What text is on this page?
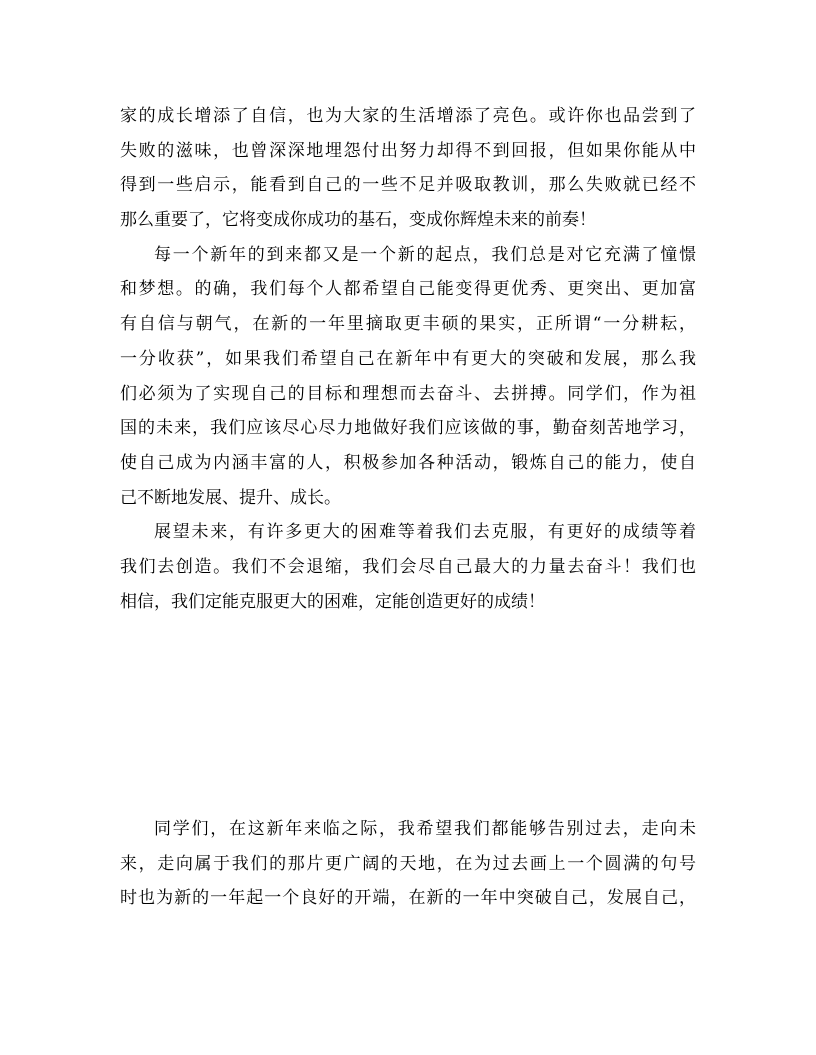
家的成长增添了自信，也为大家的生活增添了亮色。或许你也品尝到了
失败的滋味，也曾深深地埋怨付出努力却得不到回报，但如果你能从中
得到一些启示，能看到自己的一些不足并吸取教训，那么失败就已经不
那么重要了，它将变成你成功的基石，变成你辉煌未来的前奏！
每一个新年的到来都又是一个新的起点，我们总是对它充满了憧憬
和梦想。的确，我们每个人都希望自己能变得更优秀、更突出、更加富
有自信与朝气，在新的一年里摘取更丰硕的果实，正所谓“一分耕耘，
一分收获”，如果我们希望自己在新年中有更大的突破和发展，那么我
们必须为了实现自己的目标和理想而去奋斗、去拼搏。同学们，作为祖
国的未来，我们应该尽心尽力地做好我们应该做的事，勤奋刻苦地学习，
使自己成为内涵丰富的人，积极参加各种活动，锻炼自己的能力，使自
己不断地发展、提升、成长。
展望未来，有许多更大的困难等着我们去克服，有更好的成绩等着
我们去创造。我们不会退缩，我们会尽自己最大的力量去奋斗！我们也
相信，我们定能克服更大的困难，定能创造更好的成绩！
同学们，在这新年来临之际，我希望我们都能够告别过去，走向未
来，走向属于我们的那片更广阔的天地，在为过去画上一个圆满的句号
时也为新的一年起一个良好的开端，在新的一年中突破自己，发展自己，
